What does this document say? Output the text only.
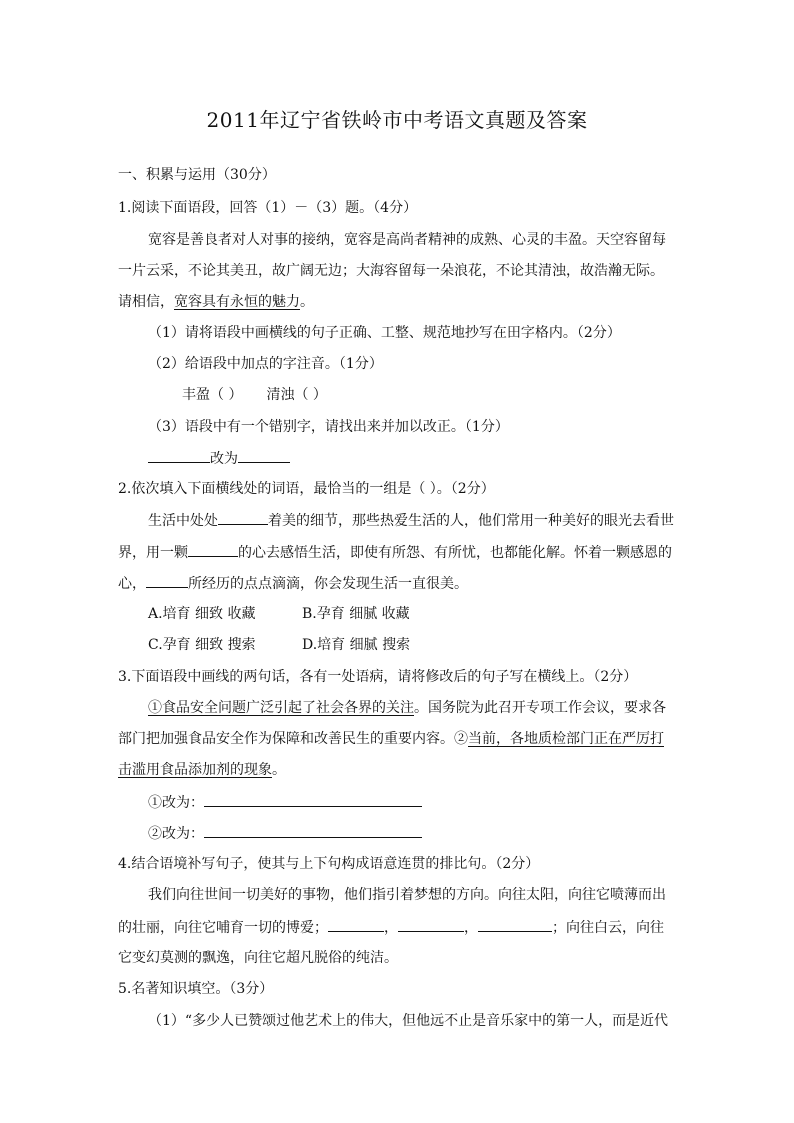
2011年辽宁省铁岭市中考语文真题及答案
一、积累与运用（30分）
1.阅读下面语段，回答（1）－（3）题。（4分）
宽容是善良者对人对事的接纳，宽容是高尚者精神的成熟、心灵的丰盈。天空容留每
一片云采，不论其美丑，故广阔无边；大海容留每一朵浪花，不论其清浊，故浩瀚无际。
请相信，宽容具有永恒的魅力。
（1）请将语段中画横线的句子正确、工整、规范地抄写在田字格内。（2分）
（2）给语段中加点的字注音。（1分）
丰盈（ ） 清浊（ ）
（3）语段中有一个错别字，请找出来并加以改正。（1分）
改为
2.依次填入下面横线处的词语，最恰当的一组是（ ）。（2分）
生活中处处	着美的细节，那些热爱生活的人，他们常用一种美好的眼光去看世
界，用一颗	的心去感悟生活，即使有所怨、有所忧，也都能化解。怀着一颗感恩的
心，	所经历的点点滴滴，你会发现生活一直很美。
A.培育 细致 收藏	B.孕育 细腻 收藏
C.孕育 细致 搜索	D.培育 细腻 搜索
3.下面语段中画线的两句话，各有一处语病，请将修改后的句子写在横线上。（2分）
①食品安全问题广泛引起了社会各界的关注。国务院为此召开专项工作会议，要求各
部门把加强食品安全作为保障和改善民生的重要内容。②当前，各地质检部门正在严厉打
击滥用食品添加剂的现象。
①改为：
②改为：
4.结合语境补写句子，使其与上下句构成语意连贯的排比句。（2分）
我们向往世间一切美好的事物，他们指引着梦想的方向。向往太阳，向往它喷薄而出
的壮丽，向往它哺育一切的博爱；	，	，	；向往白云，向往
它变幻莫测的飘逸，向往它超凡脱俗的纯洁。
5.名著知识填空。（3分）
（1）“多少人已赞颂过他艺术上的伟大，但他远不止是音乐家中的第一人，而是近代
